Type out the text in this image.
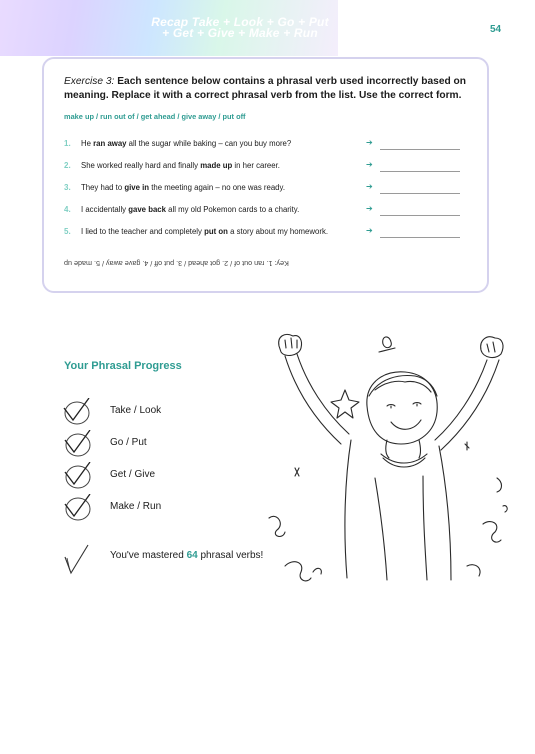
Recap Take + Look + Go + Put
+ Get + Give + Make + Run	54
Exercise 3: Each sentence below contains a phrasal verb used incorrectly based on meaning. Replace it with a correct phrasal verb from the list. Use the correct form.
make up / run out of / get ahead / give away / put off
1. He ran away all the sugar while baking – can you buy more?	➔
2. She worked really hard and finally made up in her career.	➔
3. They had to give in the meeting again – no one was ready.	➔
4. I accidentally gave back all my old Pokemon cards to a charity.	➔
5. I lied to the teacher and completely put on a story about my homework.	➔
Key: 1. ran out of / 2. got ahead / 3. put off / 4. gave away / 5. made up
Your Phrasal Progress
Take / Look
Go / Put
Get / Give
Make / Run
You've mastered 64 phrasal verbs!
